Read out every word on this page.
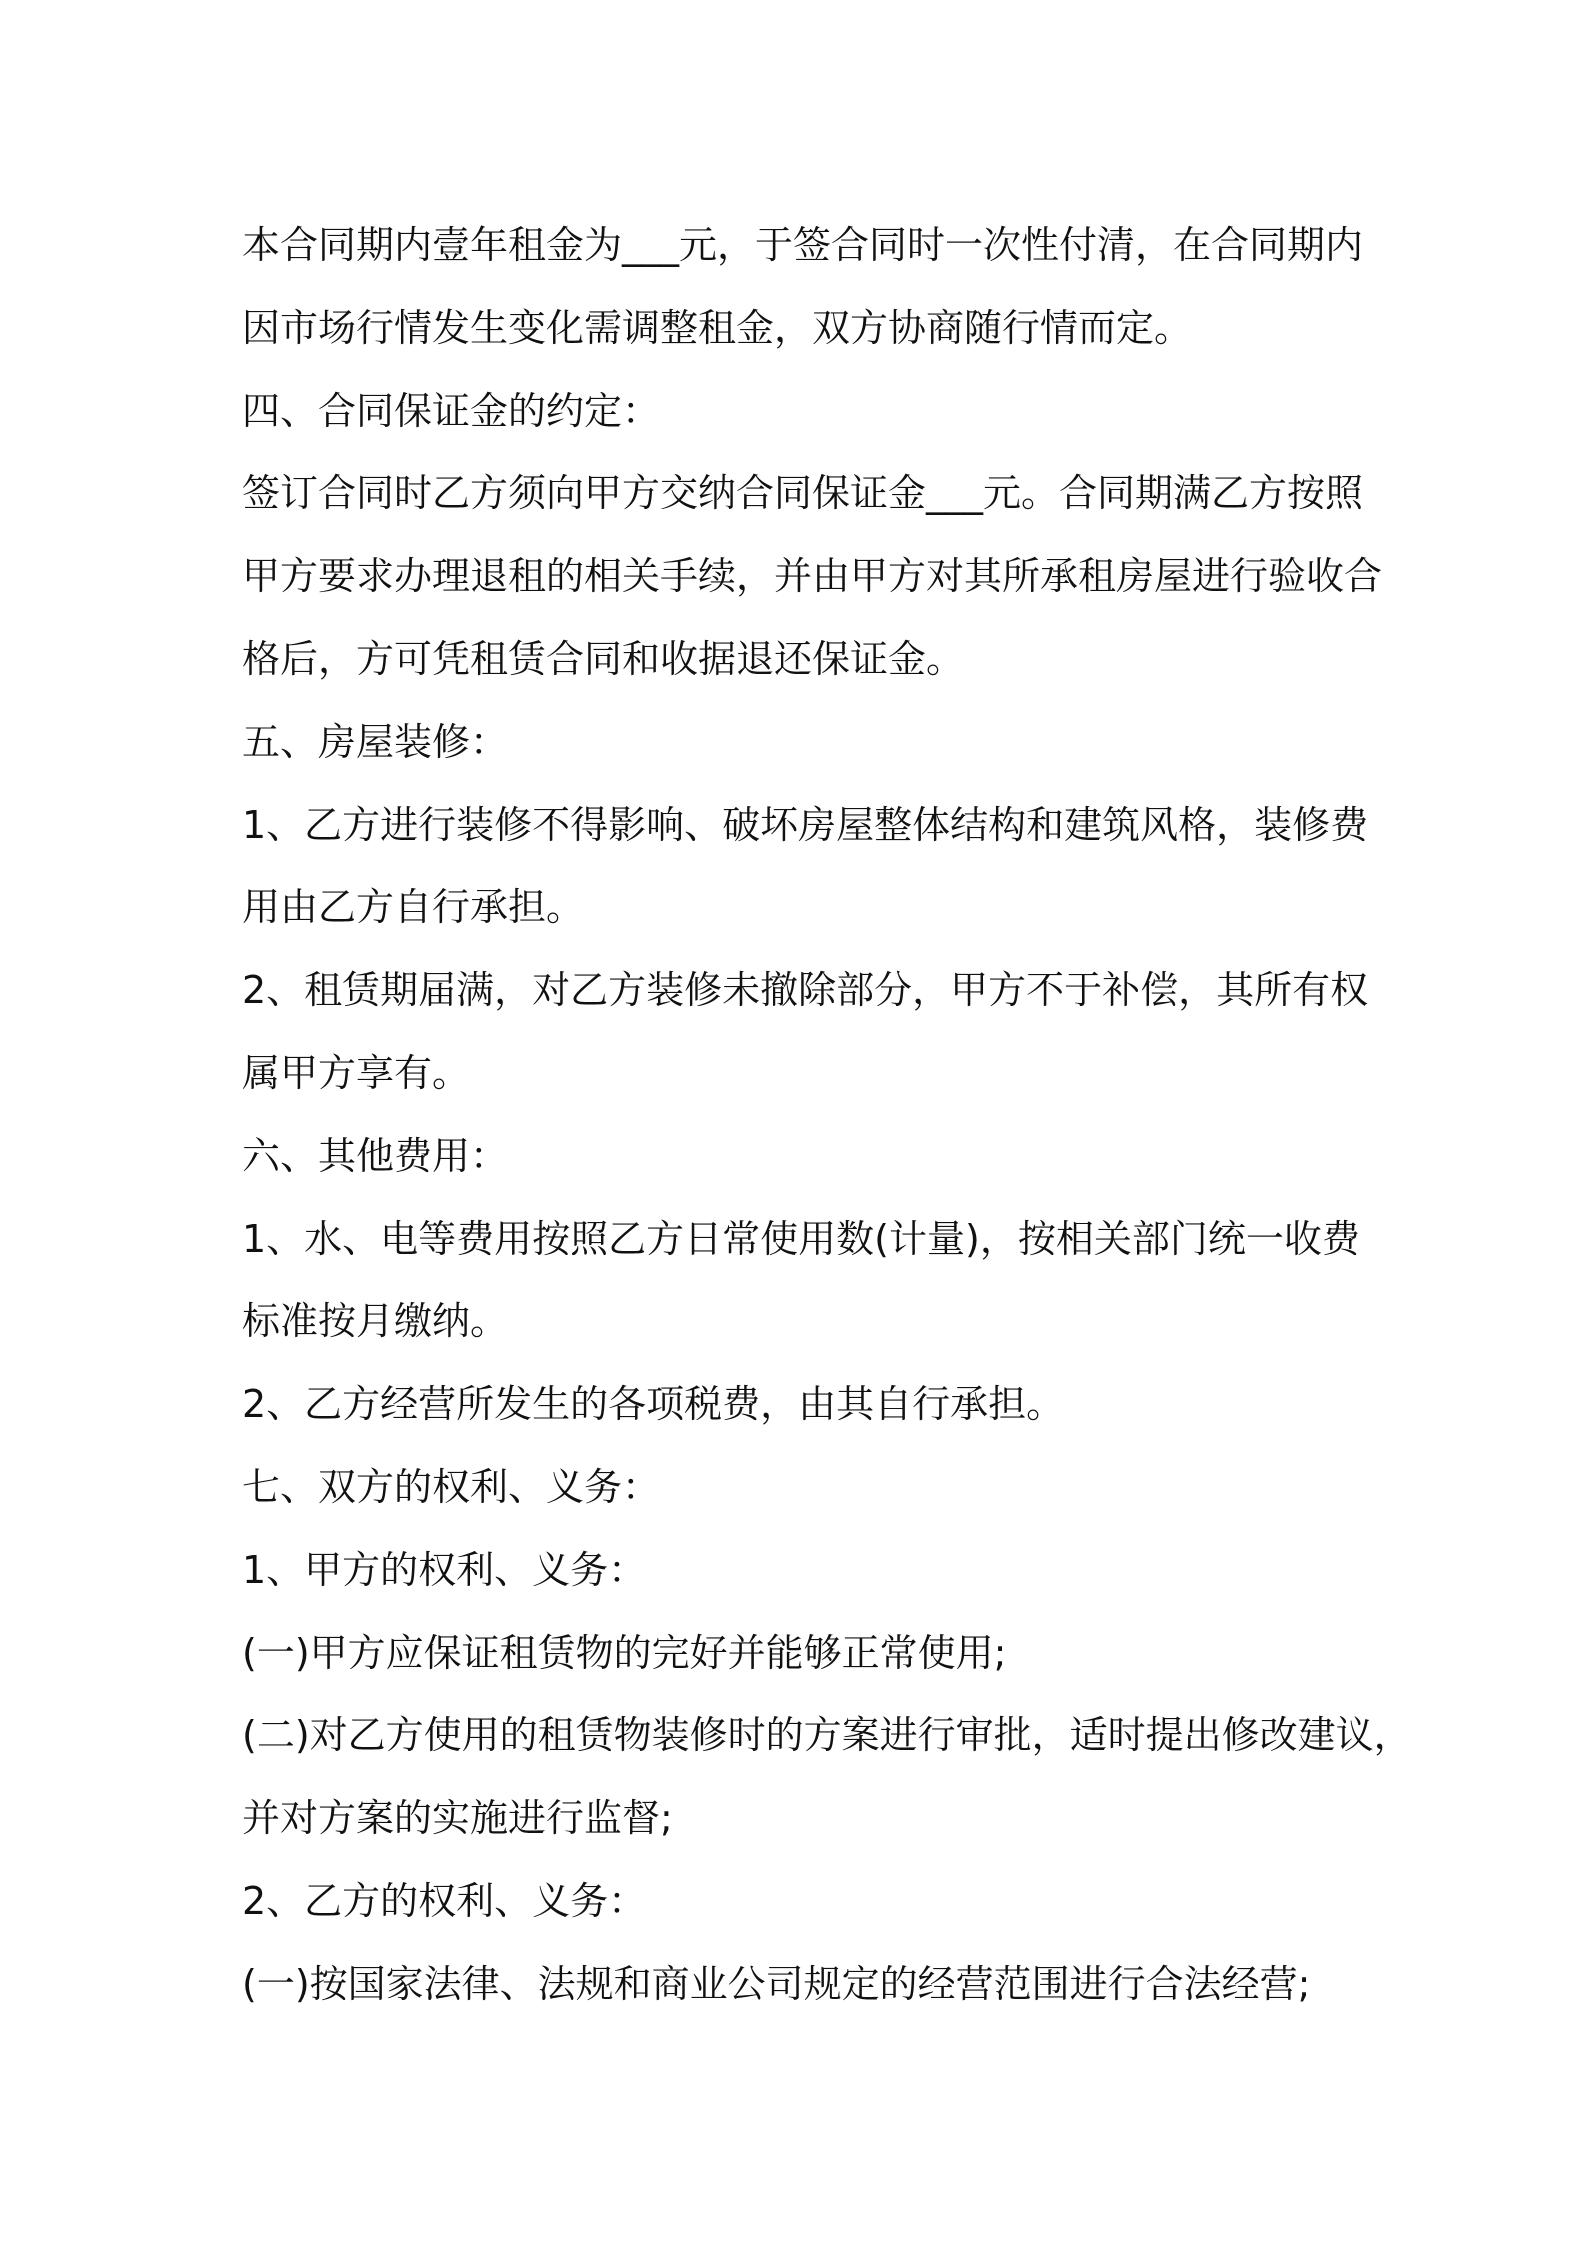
本合同期内壹年租金为___元，于签合同时一次性付清，在合同期内
因市场行情发生变化需调整租金，双方协商随行情而定。
四、合同保证金的约定：
签订合同时乙方须向甲方交纳合同保证金___元。合同期满乙方按照
甲方要求办理退租的相关手续，并由甲方对其所承租房屋进行验收合
格后，方可凭租赁合同和收据退还保证金。
五、房屋装修：
1、乙方进行装修不得影响、破坏房屋整体结构和建筑风格，装修费
用由乙方自行承担。
2、租赁期届满，对乙方装修未撤除部分，甲方不于补偿，其所有权
属甲方享有。
六、其他费用：
1、水、电等费用按照乙方日常使用数(计量)，按相关部门统一收费
标准按月缴纳。
2、乙方经营所发生的各项税费，由其自行承担。
七、双方的权利、义务：
1、甲方的权利、义务：
(一)甲方应保证租赁物的完好并能够正常使用;
(二)对乙方使用的租赁物装修时的方案进行审批，适时提出修改建议，
并对方案的实施进行监督;
2、乙方的权利、义务：
(一)按国家法律、法规和商业公司规定的经营范围进行合法经营;
